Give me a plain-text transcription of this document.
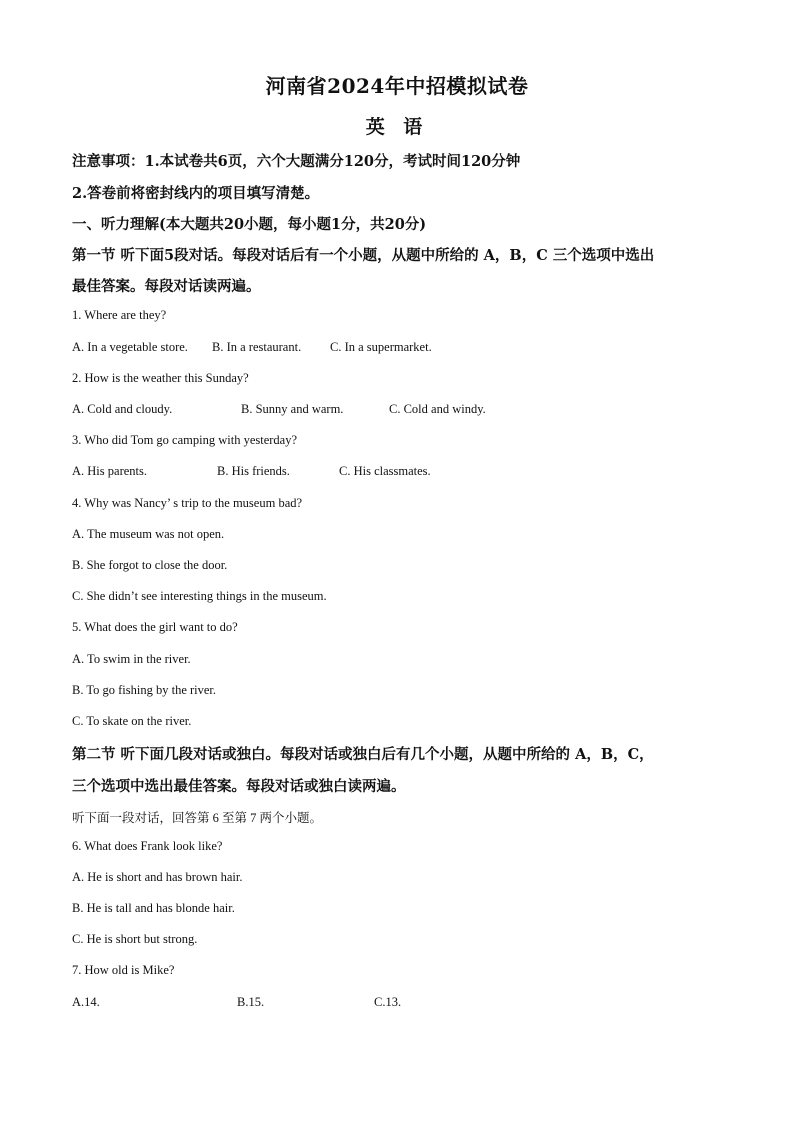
河南省2024年中招模拟试卷
英 语
注意事项：1.本试卷共6页，六个大题满分120分，考试时间120分钟
2.答卷前将密封线内的项目填写清楚。
一、听力理解(本大题共20小题，每小题1分，共20分)
第一节 听下面5段对话。每段对话后有一个小题，从题中所给的 A，B，C 三个选项中选出
最佳答案。每段对话读两遍。
1. Where are they?
A. In a vegetable store. B. In a restaurant. C. In a supermarket.
2. How is the weather this Sunday?
A. Cold and cloudy.	B. Sunny and warm.	C. Cold and windy.
3. Who did Tom go camping with yesterday?
A. His parents.	B. His friends.	C. His classmates.
4. Why was Nancy’ s trip to the museum bad?
A. The museum was not open.
B. She forgot to close the door.
C. She didn’t see interesting things in the museum.
5. What does the girl want to do?
A. To swim in the river.
B. To go fishing by the river.
C. To skate on the river.
第二节 听下面几段对话或独白。每段对话或独白后有几个小题，从题中所给的 A，B，C，
三个选项中选出最佳答案。每段对话或独白读两遍。
听下面一段对话，回答第 6 至第 7 两个小题。
6. What does Frank look like?
A. He is short and has brown hair.
B. He is tall and has blonde hair.
C. He is short but strong.
7. How old is Mike?
A.14.	B.15.	C.13.
